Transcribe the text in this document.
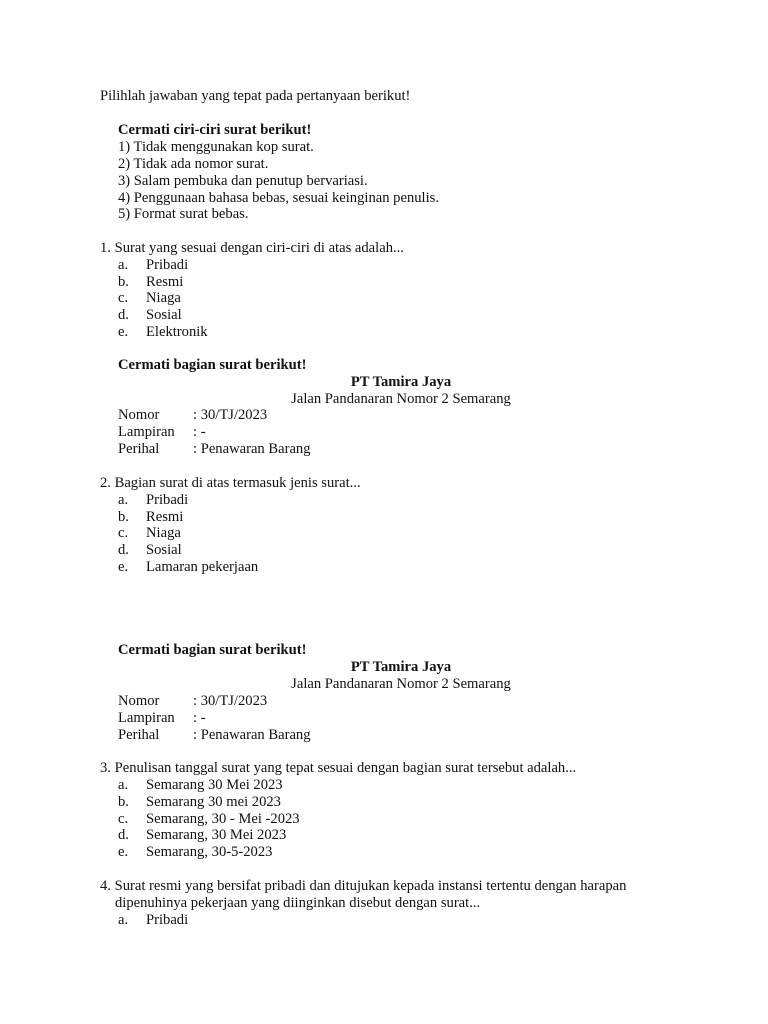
Pilihlah jawaban yang tepat pada pertanyaan berikut!
Cermati ciri-ciri surat berikut!
1) Tidak menggunakan kop surat.
2) Tidak ada nomor surat.
3) Salam pembuka dan penutup bervariasi.
4) Penggunaan bahasa bebas, sesuai keinginan penulis.
5) Format surat bebas.
1. Surat yang sesuai dengan ciri-ciri di atas adalah...
a. Pribadi
b. Resmi
c. Niaga
d. Sosial
e. Elektronik
Cermati bagian surat berikut!
PT Tamira Jaya
Jalan Pandanaran Nomor 2 Semarang
Nomor : 30/TJ/2023
Lampiran : -
Perihal : Penawaran Barang
2. Bagian surat di atas termasuk jenis surat...
a. Pribadi
b. Resmi
c. Niaga
d. Sosial
e. Lamaran pekerjaan
Cermati bagian surat berikut!
PT Tamira Jaya
Jalan Pandanaran Nomor 2 Semarang
Nomor : 30/TJ/2023
Lampiran : -
Perihal : Penawaran Barang
3. Penulisan tanggal surat yang tepat sesuai dengan bagian surat tersebut adalah...
a. Semarang 30 Mei 2023
b. Semarang 30 mei 2023
c. Semarang, 30 - Mei -2023
d. Semarang, 30 Mei 2023
e. Semarang, 30-5-2023
4. Surat resmi yang bersifat pribadi dan ditujukan kepada instansi tertentu dengan harapan
dipenuhinya pekerjaan yang diinginkan disebut dengan surat...
a. Pribadi
